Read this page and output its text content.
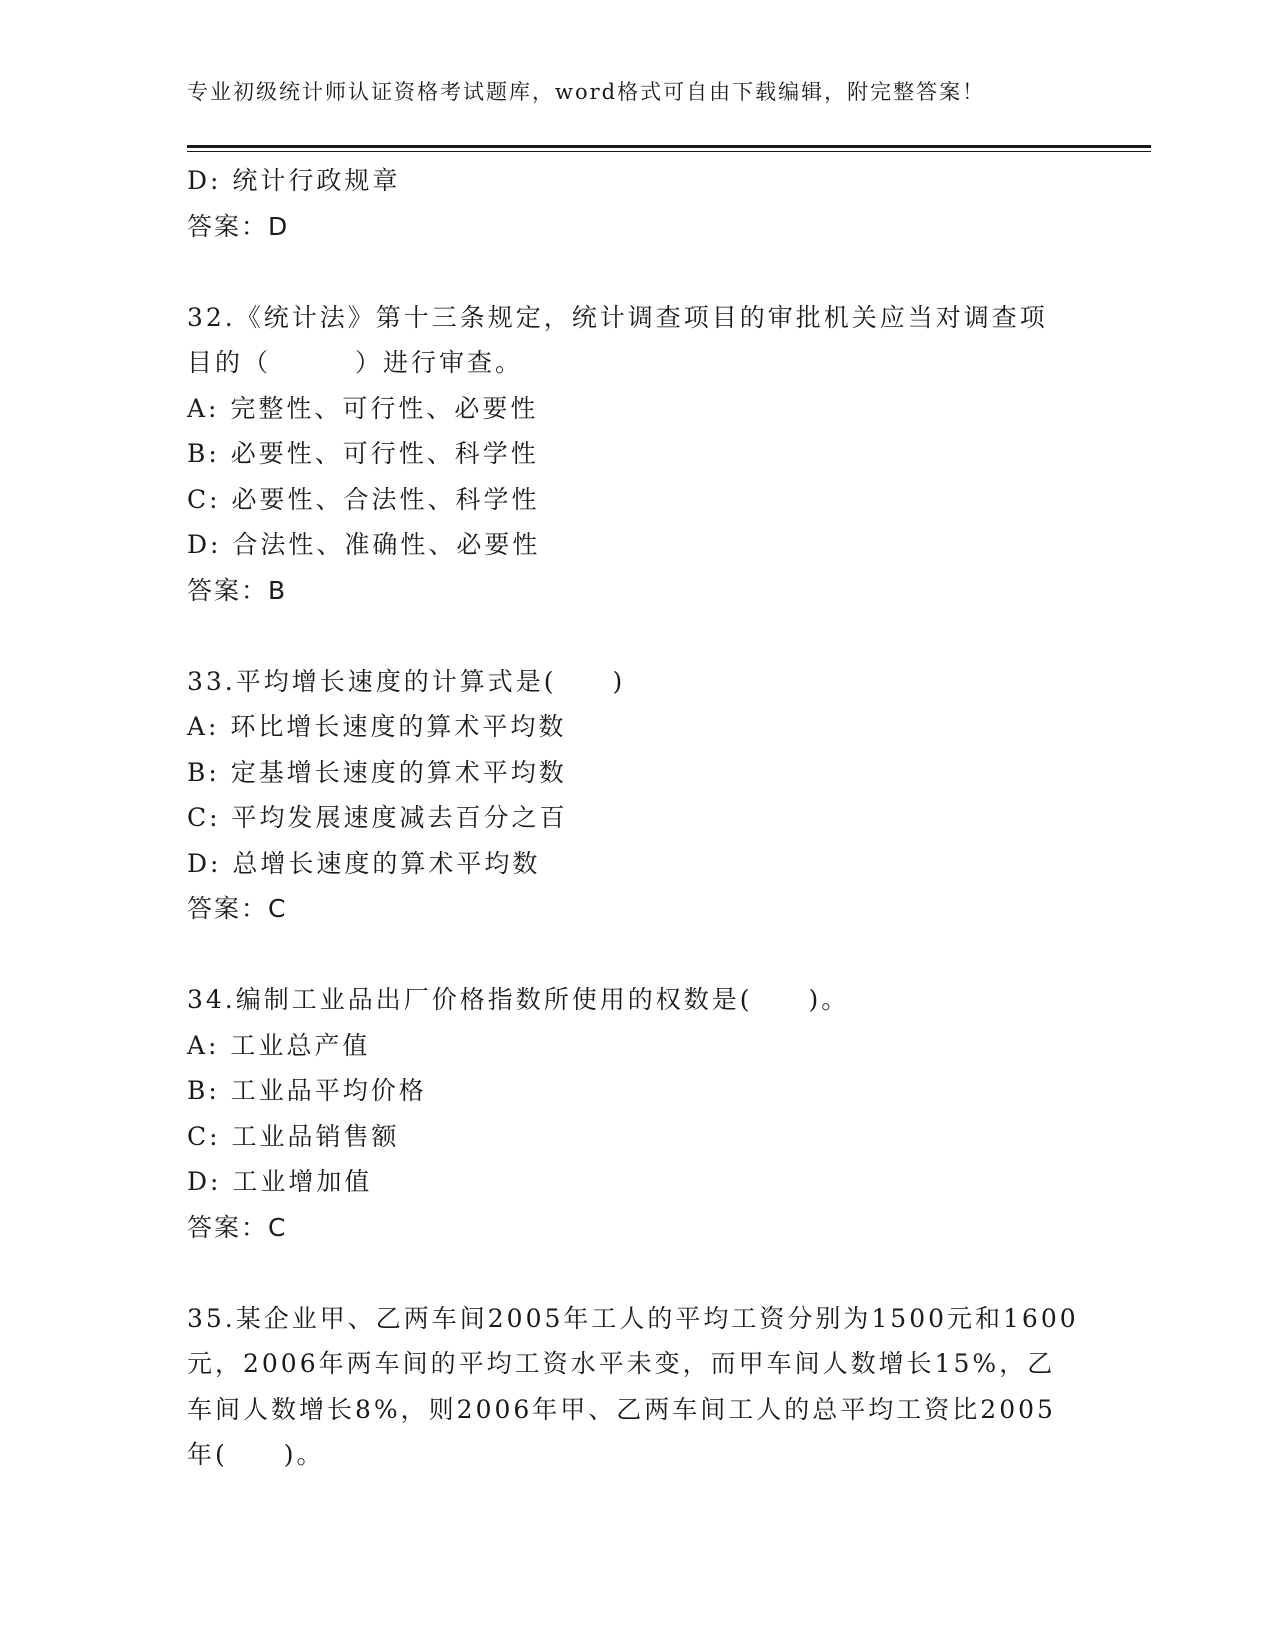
专业初级统计师认证资格考试题库，word格式可自由下载编辑，附完整答案！
D: 统计行政规章
答案：D
32.《统计法》第十三条规定，统计调查项目的审批机关应当对调查项
目的（　　　）进行审查。
A: 完整性、可行性、必要性
B: 必要性、可行性、科学性
C: 必要性、合法性、科学性
D: 合法性、准确性、必要性
答案：B
33.平均增长速度的计算式是(　　)
A: 环比增长速度的算术平均数
B: 定基增长速度的算术平均数
C: 平均发展速度减去百分之百
D: 总增长速度的算术平均数
答案：C
34.编制工业品出厂价格指数所使用的权数是(　　)。
A: 工业总产值
B: 工业品平均价格
C: 工业品销售额
D: 工业增加值
答案：C
35.某企业甲、乙两车间2005年工人的平均工资分别为1500元和1600
元，2006年两车间的平均工资水平未变，而甲车间人数增长15%，乙
车间人数增长8%，则2006年甲、乙两车间工人的总平均工资比2005
年(　　)。
